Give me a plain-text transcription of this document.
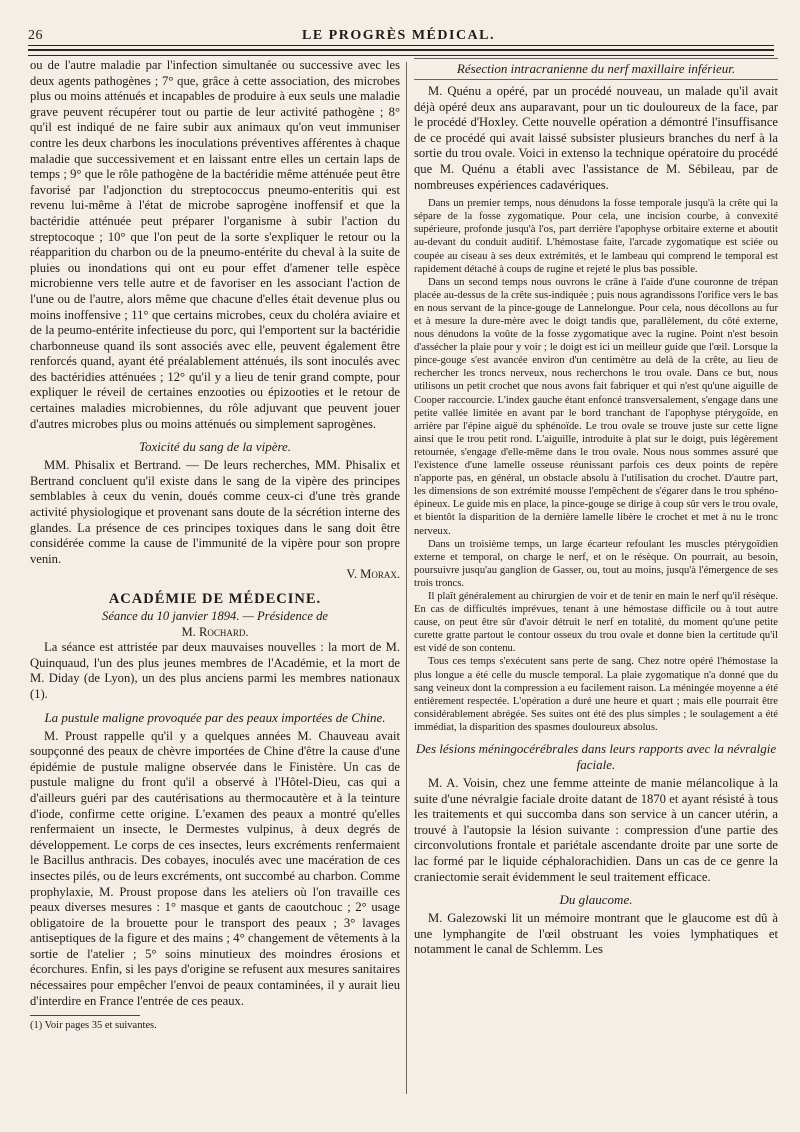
26	LE PROGRÈS MÉDICAL.

ou de l'autre maladie par l'infection simultanée ou successive avec les deux agents pathogènes ; 7° que, grâce à cette association, des microbes plus ou moins atténués et incapables de produire à eux seuls une maladie grave peuvent récupérer tout ou partie de leur activité pathogène ; 8° qu'il est indiqué de ne faire subir aux animaux qu'on veut immuniser contre les deux charbons les inoculations préventives afférentes à chaque maladie que successivement et en laissant entre elles un certain laps de temps ; 9° que le rôle pathogène de la bactéridie même atténuée peut être favorisé par l'adjonction du streptococcus pneumo-enteritis qui est revenu lui-même à l'état de microbe saprogène inoffensif et que la bactéridie atténuée peut préparer l'organisme à subir l'action du streptocoque ; 10° que l'on peut de la sorte s'expliquer le retour ou la réapparition du charbon ou de la pneumo-entérite du cheval à la suite de pluies ou inondations qui ont eu pour effet d'amener telle espèce microbienne vers telle autre et de favoriser en les associant l'action de l'une ou de l'autre, alors même que chacune d'elles était devenue plus ou moins inoffensive ; 11° que certains microbes, ceux du choléra aviaire et de la peumo-entérite infectieuse du porc, qui l'emportent sur la bactéridie charbonneuse quand ils sont associés avec elle, peuvent également être renforcés quand, ayant été préalablement atténués, ils sont inoculés avec des bactéridies atténuées ; 12° qu'il y a lieu de tenir grand compte, pour expliquer le réveil de certaines enzooties ou épizooties et le retour de certaines maladies microbiennes, du rôle adjuvant que peuvent jouer d'autres microbes plus ou moins atténués ou simplement saprogènes.

Toxicité du sang de la vipère.

MM. Phisalix et Bertrand. — De leurs recherches, MM. Phisalix et Bertrand concluent qu'il existe dans le sang de la vipère des principes semblables à ceux du venin, doués comme ceux-ci d'une très grande activité physiologique et provenant sans doute de la sécrétion interne des glandes. La présence de ces principes toxiques dans le sang doit être considérée comme la cause de l'immunité de la vipère pour son propre venin.

V. Morax.

ACADÉMIE DE MÉDECINE.
Séance du 10 janvier 1894. — Présidence de
M. Rochard.

La séance est attristée par deux mauvaises nouvelles : la mort de M. Quinquaud, l'un des plus jeunes membres de l'Académie, et la mort de M. Diday (de Lyon), un des plus anciens parmi les membres nationaux (1).

La pustule maligne provoquée par des peaux importées de Chine.

M. Proust rappelle qu'il y a quelques années M. Chauveau avait soupçonné des peaux de chèvre importées de Chine d'être la cause d'une épidémie de pustule maligne observée dans le Finistère. Un cas de pustule maligne du front qu'il a observé à l'Hôtel-Dieu, cas qui a d'ailleurs guéri par des cautérisations au thermocautère et à la teinture d'iode, confirme cette origine. L'examen des peaux a montré qu'elles renfermaient un insecte, le Dermestes vulpinus, à deux degrés de développement. Le corps de ces insectes, leurs excréments renfermaient le Bacillus anthracis. Des cobayes, inoculés avec une macération de ces insectes pilés, ou de leurs excréments, ont succombé au charbon. Comme prophylaxie, M. Proust propose dans les ateliers où l'on travaille ces peaux diverses mesures : 1° masque et gants de caoutchouc ; 2° usage obligatoire de la brouette pour le transport des peaux ; 3° lavages antiseptiques de la figure et des mains ; 4° changement de vêtements à la sortie de l'atelier ; 5° soins minutieux des moindres érosions et écorchures. Enfin, si les pays d'origine se refusent aux mesures sanitaires nécessaires pour empêcher l'envoi de peaux contaminées, il y aurait lieu d'interdire en France l'entrée de ces peaux.

(1) Voir pages 35 et suivantes.

Résection intracranienne du nerf maxillaire inférieur.

M. Quénu a opéré, par un procédé nouveau, un malade qu'il avait déjà opéré deux ans auparavant, pour un tic douloureux de la face, par le procédé d'Hoxley. Cette nouvelle opération a démontré l'insuffisance de ce procédé qui avait laissé subsister plusieurs branches du nerf à la sortie du trou ovale. Voici in extenso la technique opératoire du procédé que M. Quénu a établi avec l'assistance de M. Sébileau, par de nombreuses expériences cadavériques.

Dans un premier temps, nous dénudons la fosse temporale jusqu'à la crête qui la sépare de la fosse zygomatique. Pour cela, une incision courbe, à convexité supérieure, profonde jusqu'à l'os, part derrière l'apophyse orbitaire externe et aboutit au-devant du conduit auditif. L'hémostase faite, l'arcade zygomatique est sciée ou coupée au ciseau à ses deux extrémités, et le lambeau qui comprend le temporal est rapidement détaché à coups de rugine et rejeté le plus bas possible.

Dans un second temps nous ouvrons le crâne à l'aide d'une couronne de trépan placée au-dessus de la crête sus-indiquée ; puis nous agrandissons l'orifice vers le bas en nous servant de la pince-gouge de Lannelongue. Pour cela, nous décollons au fur et à mesure la dure-mère avec le doigt tandis que, parallèlement, du côté externe, nous dénudons la voûte de la fosse zygomatique avec la rugine. Point n'est besoin d'assécher la plaie pour y voir ; le doigt est ici un meilleur guide que l'œil. Lorsque la pince-gouge s'est avancée environ d'un centimètre au delà de la crête, au lieu de rechercher les troncs nerveux, nous recherchons le trou ovale. Dans ce but, nous utilisons un petit crochet que nous avons fait fabriquer et qui n'est qu'une aiguille de Cooper raccourcie. L'index gauche étant enfoncé transversalement, s'engage dans une petite vallée limitée en avant par le bord tranchant de l'apophyse ptérygoïde, en arrière par l'épine aiguë du sphénoïde. Le trou ovale se trouve juste sur cette ligne ainsi que le trou petit rond. L'aiguille, introduite à plat sur le doigt, puis légèrement retournée, s'engage d'elle-même dans le trou ovale. Nous nous sommes assuré que l'existence d'une lamelle osseuse réunissant parfois ces deux points de repère n'apporte pas, en général, un obstacle absolu à l'utilisation du crochet. D'autre part, les dimensions de son extrémité mousse l'empêchent de s'égarer dans le trou sphéno-épineux. Le guide mis en place, la pince-gouge se dirige à coup sûr vers le trou ovale, et bientôt la disparition de la dernière lamelle libère le crochet et met à nu le tronc nerveux.

Dans un troisième temps, un large écarteur refoulant les muscles ptérygoïdien externe et temporal, on charge le nerf, et on le résèque. On pourrait, au besoin, poursuivre jusqu'au ganglion de Gasser, ou, tout au moins, jusqu'à l'émergence de ses trois troncs.

Il plaît généralement au chirurgien de voir et de tenir en main le nerf qu'il résèque. En cas de difficultés imprévues, tenant à une hémostase difficile ou à tout autre cause, on peut être sûr d'avoir détruit le nerf en totalité, du moment qu'une petite curette gratte partout le contour osseux du trou ovale et donne bien la certitude qu'il est vidé de son contenu.

Tous ces temps s'exécutent sans perte de sang. Chez notre opéré l'hémostase la plus longue a été celle du muscle temporal. La plaie zygomatique n'a donné que du sang veineux dont la compression a eu facilement raison. La méningée moyenne a été entièrement respectée. L'opération a duré une heure et quart ; mais elle pourrait être considérablement abrégée. Ses suites ont été des plus simples ; le soulagement a été immédiat, la disparition des spasmes douloureux absolus.

Des lésions méningocérébrales dans leurs rapports avec la névralgie faciale.

M. A. Voisin, chez une femme atteinte de manie mélancolique à la suite d'une névralgie faciale droite datant de 1870 et ayant résisté à tous les traitements et qui succomba dans son service à un cancer utérin, a trouvé à l'autopsie la lésion suivante : compression d'une partie des circonvolutions frontale et pariétale ascendante droite par une sorte de lac formé par le liquide céphalorachidien. Dans un cas de ce genre la craniectomie serait évidemment le seul traitement efficace.

Du glaucome.

M. Galezowski lit un mémoire montrant que le glaucome est dû à une lymphangite de l'œil obstruant les voies lymphatiques et notamment le canal de Schlemm. Les
